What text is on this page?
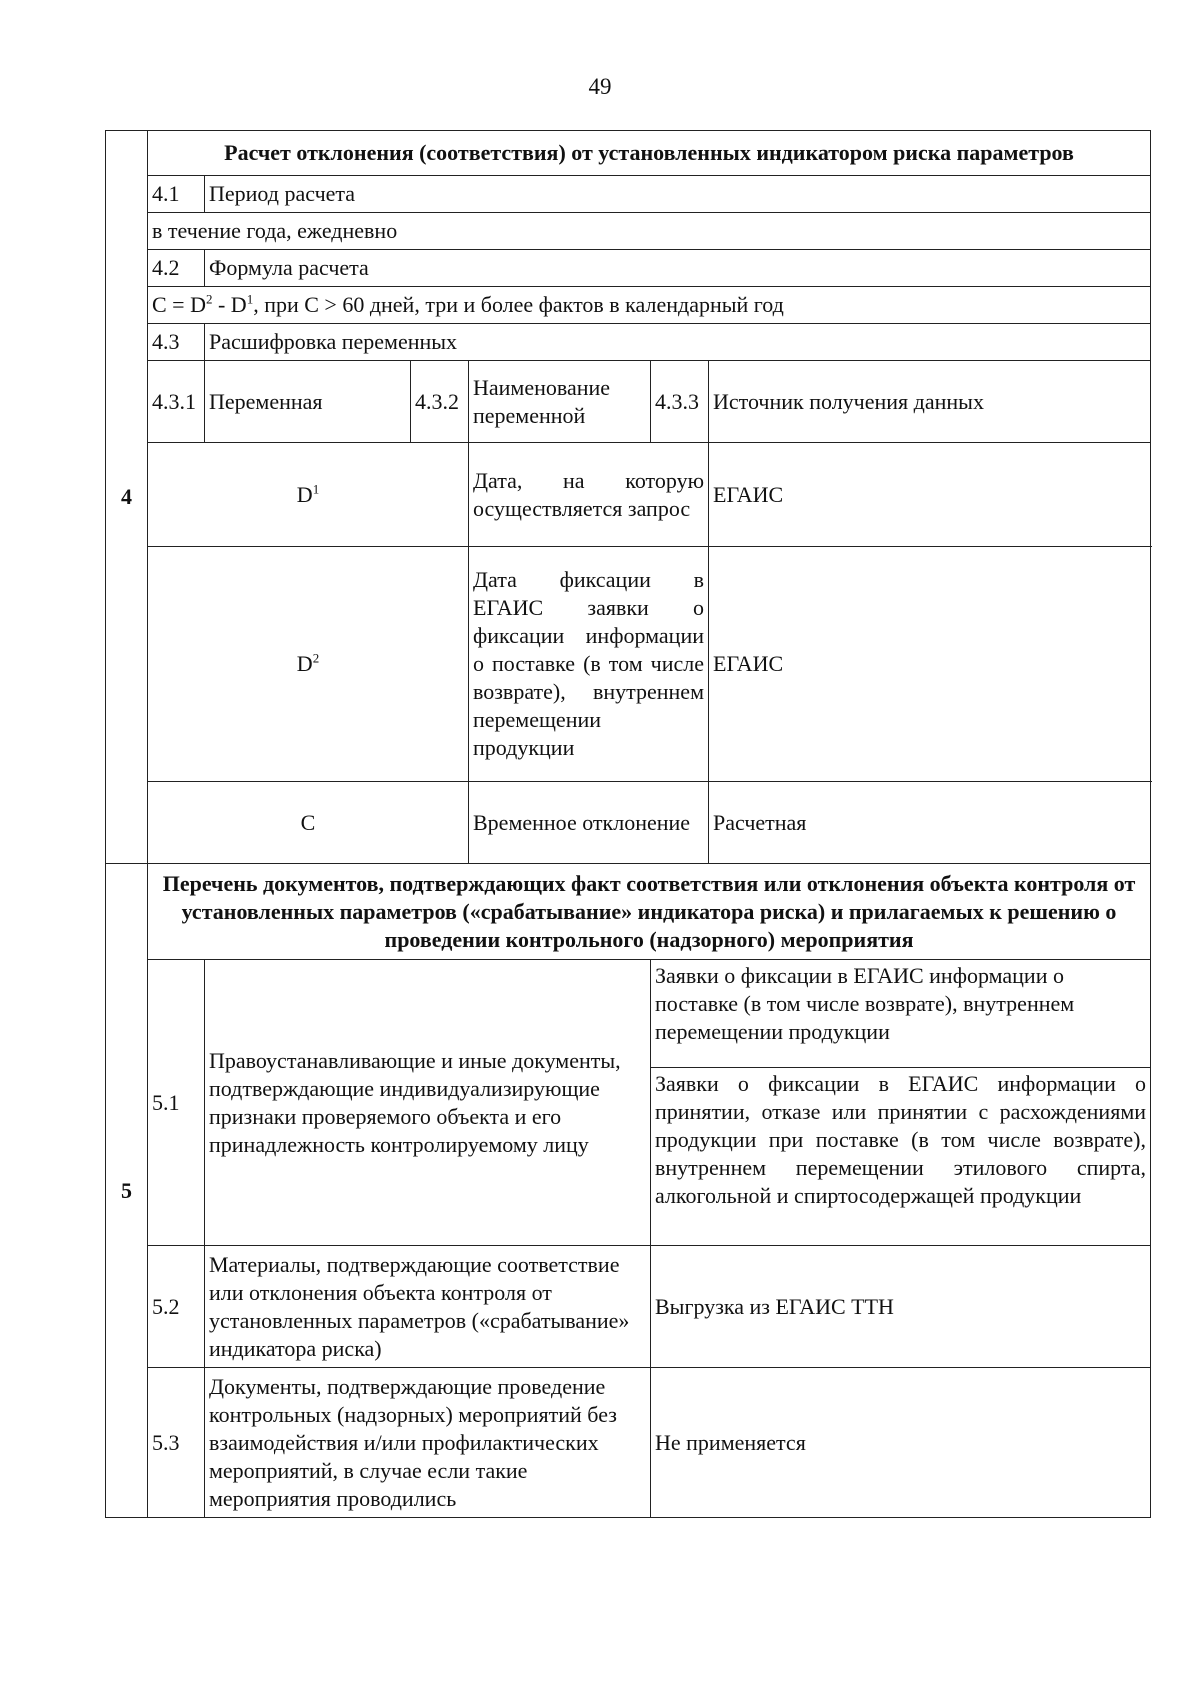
49
4	Расчет отклонения (соответствия) от установленных индикатором риска параметров					
	4.1	Период расчета				
	в течение года, ежедневно					
	4.2	Формула расчета				
	$C = D^2 - D^1$, при C > 60 дней, три и более фактов в календарный год					
	4.3	Расшифровка переменных				
	4.3.1	Переменная	4.3.2	Наименование переменной	4.3.3	Источник получения данных
	$D^1$			Дата, на которую осуществляется запрос		ЕГАИС
	$D^2$			Дата фиксации в ЕГАИС заявки о фиксации информации о поставке (в том числе возврате), внутреннем перемещении продукции		ЕГАИС
	C			Временное отклонение		Расчетная
5	Перечень документов, подтверждающих факт соответствия или отклонения объекта контроля от установленных параметров («срабатывание» индикатора риска) и прилагаемых к решению о проведении контрольного (надзорного) мероприятия					
	5.1	Правоустанавливающие и иные документы, подтверждающие индивидуализирующие признаки проверяемого объекта и его принадлежность контролируемому лицу			Заявки о фиксации в ЕГАИС информации о поставке (в том числе возврате), внутреннем перемещении продукции	
					Заявки о фиксации в ЕГАИС информации о принятии, отказе или принятии с расхождениями продукции при поставке (в том числе возврате), внутреннем перемещении этилового спирта, алкогольной и спиртосодержащей продукции	
	5.2	Материалы, подтверждающие соответствие или отклонения объекта контроля от установленных параметров («срабатывание» индикатора риска)			Выгрузка из ЕГАИС ТТН	
	5.3	Документы, подтверждающие проведение контрольных (надзорных) мероприятий без взаимодействия и/или профилактических мероприятий, в случае если такие мероприятия проводились			Не применяется	
